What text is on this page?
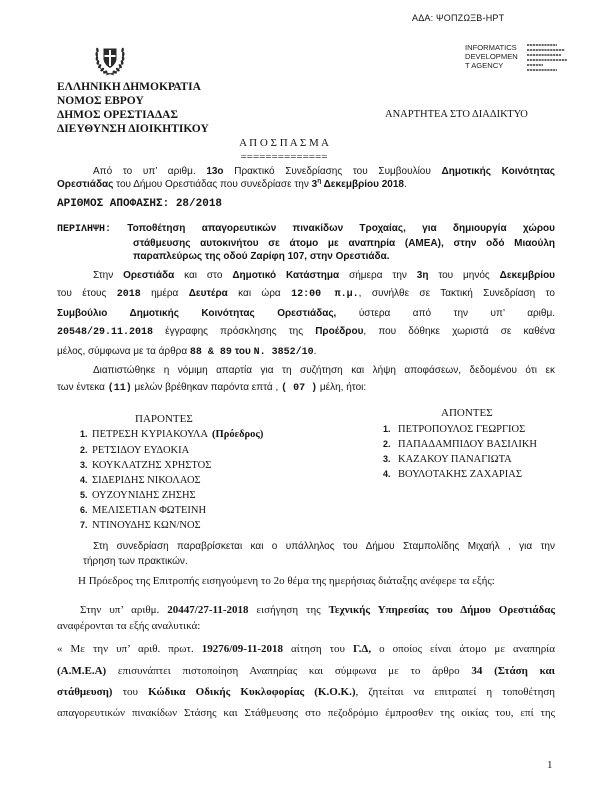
ΑΔΑ: ΨΟΠΖΩΞΒ-ΗΡΤ
INFORMATICS
DEVELOPMEN
T AGENCY
ΕΛΛΗΝΙΚΗ ΔΗΜΟΚΡΑΤΙΑ
ΝΟΜΟΣ ΕΒΡΟΥ
ΔΗΜΟΣ ΟΡΕΣΤΙΑΔΑΣ
ΔΙΕΥΘΥΝΣΗ ΔΙΟΙΚΗΤΙΚΟΥ
ΑΝΑΡΤΗΤΕΑ ΣΤΟ ΔΙΑΔΙΚΤΥΟ
Α Π Ο Σ Π Α Σ Μ Α
==============
Από το υπ’ αριθμ. 13ο Πρακτικό Συνεδρίασης του Συμβουλίου Δημοτικής Κοινότητας
Ορεστιάδας του Δήμου Ορεστιάδας που συνεδρίασε την $3^\eta$ Δεκεμβρίου 2018.
ΑΡΙΘΜΟΣ ΑΠΟΦΑΣΗΣ: 28/2018
ΠΕΡΙΛΗΨΗ: Τοποθέτηση απαγορευτικών πινακίδων Τροχαίας, για δημιουργία χώρου
στάθμευσης αυτοκινήτου σε άτομο με αναπηρία (ΑΜΕΑ), στην οδό Μιαούλη
παραπλεύρως της οδού Ζαρίφη 107, στην Ορεστιάδα.
Στην Ορεστιάδα και στο Δημοτικό Κατάστημα σήμερα την 3η του μηνός Δεκεμβρίου
του έτους 2018 ημέρα Δευτέρα και ώρα 12:00 π.μ., συνήλθε σε Τακτική Συνεδρίαση το
Συμβούλιο Δημοτικής Κοινότητας Ορεστιάδας, ύστερα από την υπ’ αριθμ.
20548/29.11.2018 έγγραφης πρόσκλησης της Προέδρου, που δόθηκε χωριστά σε καθένα
μέλος, σύμφωνα με τα άρθρα 88 & 89 του Ν. 3852/10.
Διαπιστώθηκε η νόμιμη απαρτία για τη συζήτηση και λήψη αποφάσεων, δεδομένου ότι εκ
των έντεκα (11) μελών βρέθηκαν παρόντα επτά , ( 07 ) μέλη, ήτοι:
ΠΑΡΟΝΤΕΣ
1. ΠΕΤΡΕΣΗ ΚΥΡΙΑΚΟΥΛΑ (Πρόεδρος)
2. ΡΕΤΣΙΔΟΥ ΕΥΔΟΚΙΑ
3. ΚΟΥΚΛΑΤΖΗΣ ΧΡΗΣΤΟΣ
4. ΣΙΔΕΡΙΔΗΣ ΝΙΚΟΛΑΟΣ
5. ΟΥΖΟΥΝΙΔΗΣ ΖΗΣΗΣ
6. ΜΕΛΙΣΕΤΙΑΝ ΦΩΤΕΙΝΗ
7. ΝΤΙΝΟΥΔΗΣ ΚΩΝ/ΝΟΣ
ΑΠΟΝΤΕΣ
1. ΠΕΤΡΟΠΟΥΛΟΣ ΓΕΩΡΓΙΟΣ
2. ΠΑΠΑΔΑΜΠΙΔΟΥ ΒΑΣΙΛΙΚΗ
3. ΚΑΖΑΚΟΥ ΠΑΝΑΓΙΩΤΑ
4. ΒΟΥΛΟΤΑΚΗΣ ΖΑΧΑΡΙΑΣ
Στη συνεδρίαση παραβρίσκεται και ο υπάλληλος του Δήμου Σταμπολίδης Μιχαήλ , για την
τήρηση των πρακτικών.
Η Πρόεδρος της Επιτροπής εισηγούμενη το 2ο θέμα της ημερήσιας διάταξης ανέφερε τα εξής:
Στην υπ’ αριθμ. 20447/27-11-2018 εισήγηση της Τεχνικής Υπηρεσίας του Δήμου Ορεστιάδας
αναφέρονται τα εξής αναλυτικά:
« Με την υπ’ αριθ. πρωτ. 19276/09-11-2018 αίτηση του Γ.Δ, ο οποίος είναι άτομο με αναπηρία
(Α.Μ.Ε.Α) επισυνάπτει πιστοποίηση Αναπηρίας και σύμφωνα με το άρθρο 34 (Στάση και
στάθμευση) του Κώδικα Οδικής Κυκλοφορίας (Κ.Ο.Κ.), ζητείται να επιτραπεί η τοποθέτηση
απαγορευτικών πινακίδων Στάσης και Στάθμευσης στο πεζοδρόμιο έμπροσθεν της οικίας του, επί της
1
